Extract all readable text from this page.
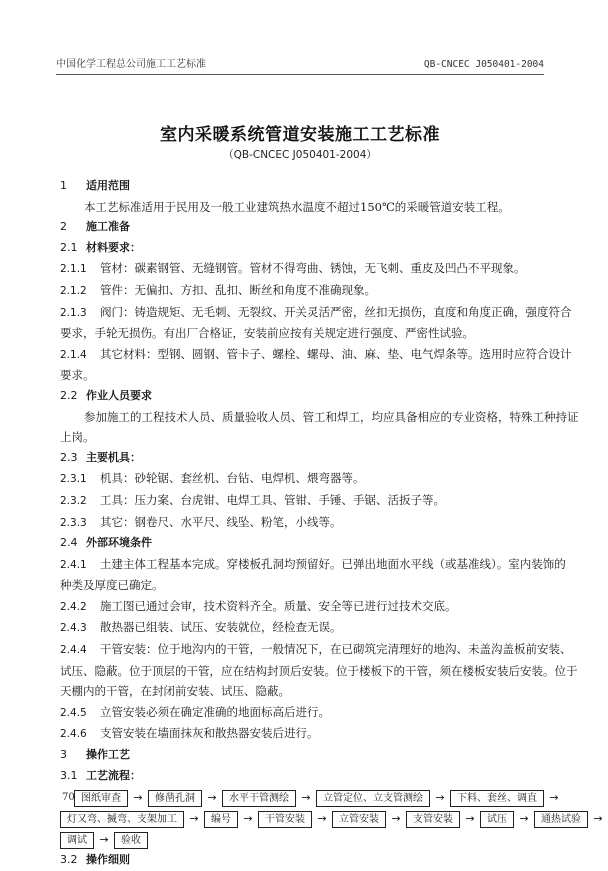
中国化学工程总公司施工工艺标准	QB-CNCEC J050401-2004
室内采暖系统管道安装施工工艺标准
（QB-CNCEC J050401-2004）
1 适用范围
本工艺标准适用于民用及一般工业建筑热水温度不超过150℃的采暖管道安装工程。
2 施工准备
2.1 材料要求：
2.1.1 管材：碳素钢管、无缝钢管。管材不得弯曲、锈蚀，无飞刺、重皮及凹凸不平现象。
2.1.2 管件：无偏扣、方扣、乱扣、断丝和角度不准确现象。
2.1.3 阀门：铸造规矩、无毛刺、无裂纹、开关灵活严密，丝扣无损伤，直度和角度正确，强度符合
要求，手轮无损伤。有出厂合格证，安装前应按有关规定进行强度、严密性试验。
2.1.4 其它材料：型钢、圆钢、管卡子、螺栓、螺母、油、麻、垫、电气焊条等。选用时应符合设计
要求。
2.2 作业人员要求
参加施工的工程技术人员、质量验收人员、管工和焊工，均应具备相应的专业资格，特殊工种持证
上岗。
2.3 主要机具：
2.3.1 机具：砂轮锯、套丝机、台钻、电焊机、煨弯器等。
2.3.2 工具：压力案、台虎钳、电焊工具、管钳、手锤、手锯、活扳子等。
2.3.3 其它：钢卷尺、水平尺、线坠、粉笔，小线等。
2.4 外部环境条件
2.4.1 土建主体工程基本完成。穿楼板孔洞均预留好。已弹出地面水平线（或基准线）。室内装饰的
种类及厚度已确定。
2.4.2 施工图已通过会审，技术资料齐全。质量、安全等已进行过技术交底。
2.4.3 散热器已组装、试压、安装就位，经检查无误。
2.4.4 干管安装：位于地沟内的干管，一般情况下，在已砌筑完清理好的地沟、未盖沟盖板前安装、
试压、隐蔽。位于顶层的干管，应在结构封顶后安装。位于楼板下的干管，须在楼板安装后安装。位于
天棚内的干管，在封闭前安装、试压、隐蔽。
2.4.5 立管安装必须在确定准确的地面标高后进行。
2.4.6 支管安装在墙面抹灰和散热器安装后进行。
3 操作工艺
3.1 工艺流程：
图纸审查	→	修凿孔洞	→	水平干管测绘	→	立管定位、立支管测绘	→	下料、套丝、调直	→
灯又弯、揻弯、支架加工	→	编号	→	干管安装	→	立管安装	→	支管安装	→	试压	→	通热试验	→
调试	→	验收
3.2 操作细则
70
